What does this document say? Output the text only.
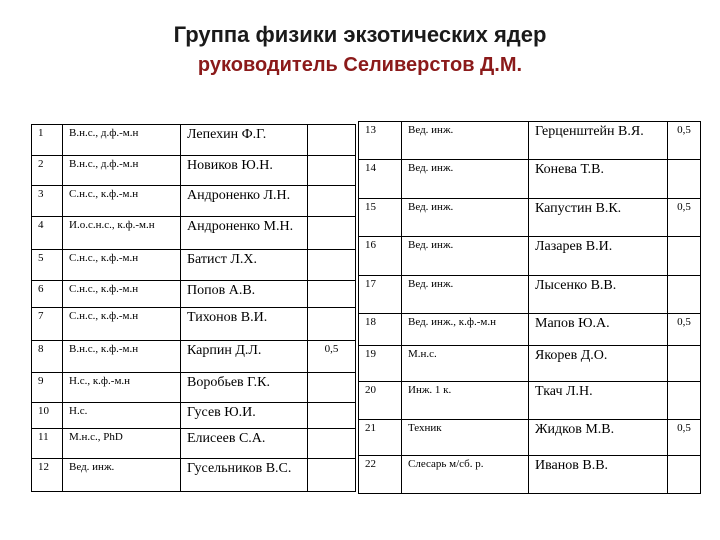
Группа физики экзотических ядер
руководитель Селиверстов Д.М.
1	В.н.с., д.ф.-м.н	Лепехин Ф.Г.	
2	В.н.с., д.ф.-м.н	Новиков Ю.Н.	
3	С.н.с., к.ф.-м.н	Андроненко Л.Н.	
4	И.о.с.н.с., к.ф.-м.н	Андроненко М.Н.	
5	С.н.с., к.ф.-м.н	Батист Л.Х.	
6	С.н.с., к.ф.-м.н	Попов А.В.	
7	С.н.с., к.ф.-м.н	Тихонов В.И.	
8	В.н.с., к.ф.-м.н	Карпин Д.Л.	0,5
9	Н.с., к.ф.-м.н	Воробьев Г.К.	
10	Н.с.	Гусев Ю.И.	
11	М.н.с., PhD	Елисеев С.А.	
12	Вед. инж.	Гусельников В.С.	
13	Вед. инж.	Герценштейн В.Я.	0,5
14	Вед. инж.	Конева Т.В.	
15	Вед. инж.	Капустин В.К.	0,5
16	Вед. инж.	Лазарев В.И.	
17	Вед. инж.	Лысенко В.В.	
18	Вед. инж., к.ф.-м.н	Мапов Ю.А.	0,5
19	М.н.с.	Якорев Д.О.	
20	Инж. 1 к.	Ткач Л.Н.	
21	Техник	Жидков М.В.	0,5
22	Слесарь м/сб. р.	Иванов В.В.	
